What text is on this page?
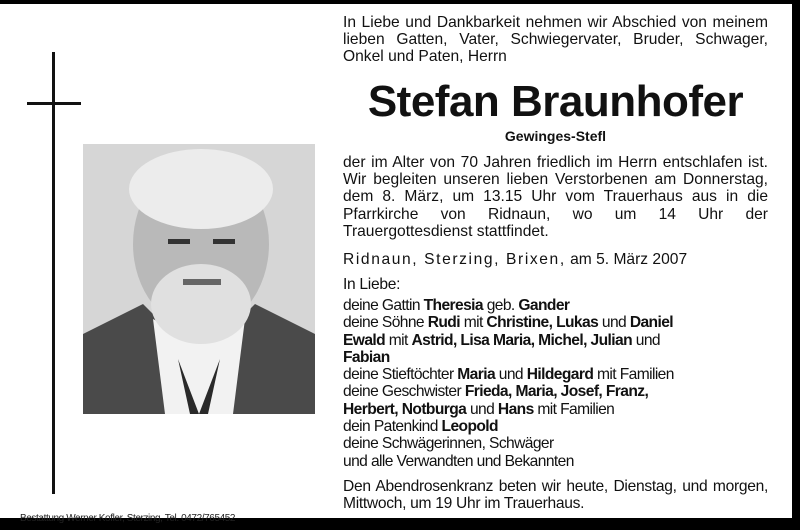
In Liebe und Dankbarkeit nehmen wir Abschied von meinem lieben Gatten, Vater, Schwiegervater, Bruder, Schwager, Onkel und Paten, Herrn

Stefan Braunhofer
Gewinges-Stefl

der im Alter von 70 Jahren friedlich im Herrn entschlafen ist. Wir begleiten unseren lieben Verstorbenen am Donnerstag, dem 8. März, um 13.15 Uhr vom Trauerhaus aus in die Pfarrkirche von Ridnaun, wo um 14 Uhr der Trauergottesdienst stattfindet.

Ridnaun, Sterzing, Brixen, am 5. März 2007
In Liebe:
deine Gattin Theresia geb. Gander
deine Söhne Rudi mit Christine, Lukas und Daniel
Ewald mit Astrid, Lisa Maria, Michel, Julian und
Fabian
deine Stieftöchter Maria und Hildegard mit Familien
deine Geschwister Frieda, Maria, Josef, Franz,
Herbert, Notburga und Hans mit Familien
dein Patenkind Leopold
deine Schwägerinnen, Schwäger
und alle Verwandten und Bekannten

Den Abendrosenkranz beten wir heute, Dienstag, und morgen, Mittwoch, um 19 Uhr im Trauerhaus.

Bestattung Werner Kofler, Sterzing, Tel. 0472/765452
